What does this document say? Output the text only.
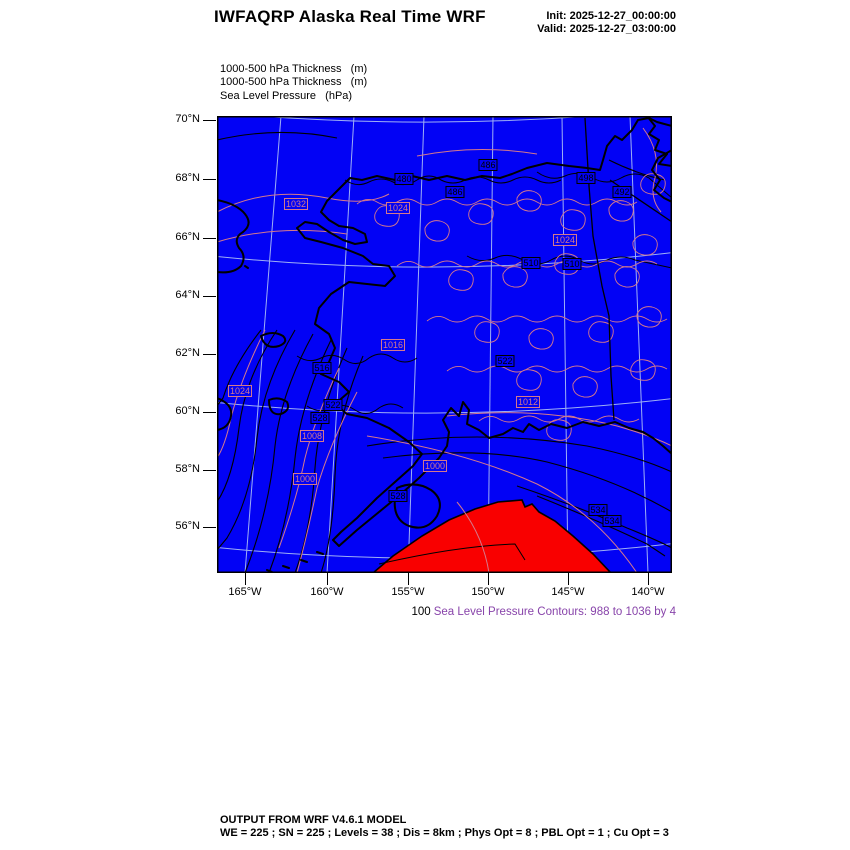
IWFAQRP Alaska Real Time WRF	Init: 2025-12-27_00:00:00
Valid: 2025-12-27_03:00:00
1000-500 hPa Thickness   (m)
1000-500 hPa Thickness   (m)
Sea Level Pressure   (hPa)
70°N
68°N
66°N
64°N
62°N
60°N
58°N
56°N
165°W	160°W	155°W	150°W	145°W	140°W
1032
1024
1024
1024
1016
1012
1008
1000
1000
480
486
486	492
498
510	510
516
522
522
528
528
534
534
100 Sea Level Pressure Contours: 988 to 1036 by 4
OUTPUT FROM WRF V4.6.1 MODEL
WE = 225 ; SN = 225 ; Levels = 38 ; Dis = 8km ; Phys Opt = 8 ; PBL Opt = 1 ; Cu Opt = 3
